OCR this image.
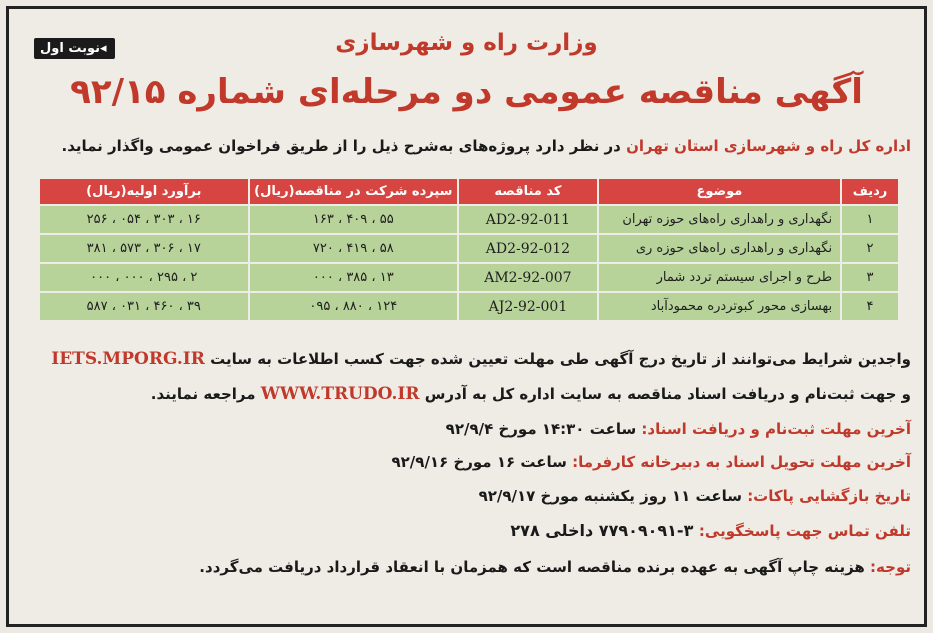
◂نوبت اول	وزارت راه و شهرسازی
آگهی مناقصه عمومی دو مرحله‌ای شماره ۹۲/۱۵
اداره کل راه و شهرسازی استان تهران در نظر دارد پروژه‌های به‌شرح ذیل را از طریق فراخوان عمومی واگذار نماید.
ردیف	موضوع	کد مناقصه	سپرده شرکت در مناقصه(ریال)	برآورد اولیه(ریال)
۱	نگهداری و راهداری راه‌های حوزه تهران	AD2-92-011	۵۵ ، ۴۰۹ ، ۱۶۳	۱۶ ، ۳۰۳ ، ۰۵۴ ، ۲۵۶
۲	نگهداری و راهداری راه‌های حوزه ری	AD2-92-012	۵۸ ، ۴۱۹ ، ۷۲۰	۱۷ ، ۳۰۶ ، ۵۷۳ ، ۳۸۱
۳	طرح و اجرای سیستم تردد شمار	AM2-92-007	۱۳ ، ۳۸۵ ، ۰۰۰	۲ ، ۲۹۵ ، ۰۰۰ ، ۰۰۰
۴	بهسازی محور کبوتردره محمودآباد	AJ2-92-001	۱۲۴ ، ۸۸۰ ، ۰۹۵	۳۹ ، ۴۶۰ ، ۰۳۱ ، ۵۸۷
واجدین شرایط می‌توانند از تاریخ درج آگهی طی مهلت تعیین شده جهت کسب اطلاعات به سایت IETS.MPORG.IR
و جهت ثبت‌نام و دریافت اسناد مناقصه به سایت اداره کل به آدرس WWW.TRUDO.IR مراجعه نمایند.
آخرین مهلت ثبت‌نام و دریافت اسناد: ساعت ۱۴:۳۰ مورخ ۹۲/۹/۴
آخرین مهلت تحویل اسناد به دبیرخانه کارفرما: ساعت ۱۶ مورخ ۹۲/۹/۱۶
تاریخ بازگشایی پاکات: ساعت ۱۱ روز یکشنبه مورخ ۹۲/۹/۱۷
تلفن تماس جهت پاسخگویی: ۳-۷۷۹۰۹۰۹۱ داخلی ۲۷۸
توجه: هزینه چاپ آگهی به عهده برنده مناقصه است که همزمان با انعقاد قرارداد دریافت می‌گردد.
